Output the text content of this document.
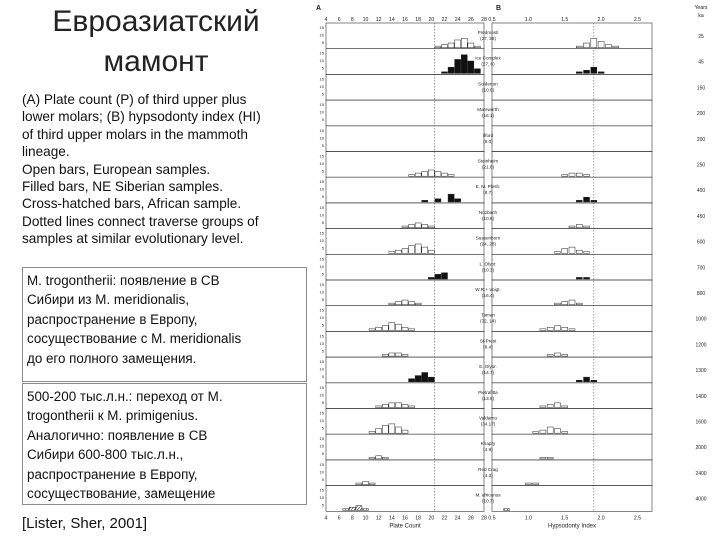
Евроазиатский
мамонт
(A) Plate count (P) of third upper plus
lower molars; (B) hypsodonty index (HI)
of third upper molars in the mammoth
lineage.
Open bars, European samples.
Filled bars, NE Siberian samples.
Cross-hatched bars, African sample.
Dotted lines connect traverse groups of
samples at similar evolutionary level.
M. trogontherii: появление в СВ
Сибири из M. meridionalis,
распространение в Европу,
сосуществование с M. meridionalis
до его полного замещения.
500-200 тыс.л.н.: переход от M.
trogontherii к M. primigenius.
Аналогично: появление в СВ
Сибири 600-800 тыс.л.н.,
распространение в Европу,
сосуществование, замещение
[Lister, Sher, 2001]
A	B
4 6 8 10 12 14 16 18 20 22 24 26 28 0.5	1.0	1.5	2.0	2.5
Years
ka
15
10
5
Predmosti
(27, 28)	25
15
10
5
Ice Complex
(27, 6)	45
15
10
5
Solderton
(10.6)	150
15
10
5
Marsworth
(16.1)	200
15
10
5
Ilford
(9.0)	200
15
10
5
Steinheim
(21.6)	250
15
10
5
E. M. Plesh.
(8.7)	400
15
10
5
Nozbach
(10.8)	450
15
10
5
Sussenborn
(24, 28)	600
15
10
5
L. Olyor.
(10.3)	700
15
10
5
W.R.+ Voigt.
(16.4)	800
15
10
5
Taman
(32, 14)	1000
15
10
5
St-Prest
(8.4)	1200
15
10
5
E. Olyor.
(14.7)	1300
15
10
5
Pietrafitta
(13.6)	1400
15
10
5
Valdarno
(34.17)	1600
15
10
5
Khapry
(4.9)	2000
15
10
5
Red Crag
(4.3)	2400
15
10
5
M. africanus
(10.7)	4000
4 6 8 10 12 14 16 18 20 22 24 26 28 0.5	1.0	1.5	2.0	2.5
Plate Count	Hypsodonty Index
